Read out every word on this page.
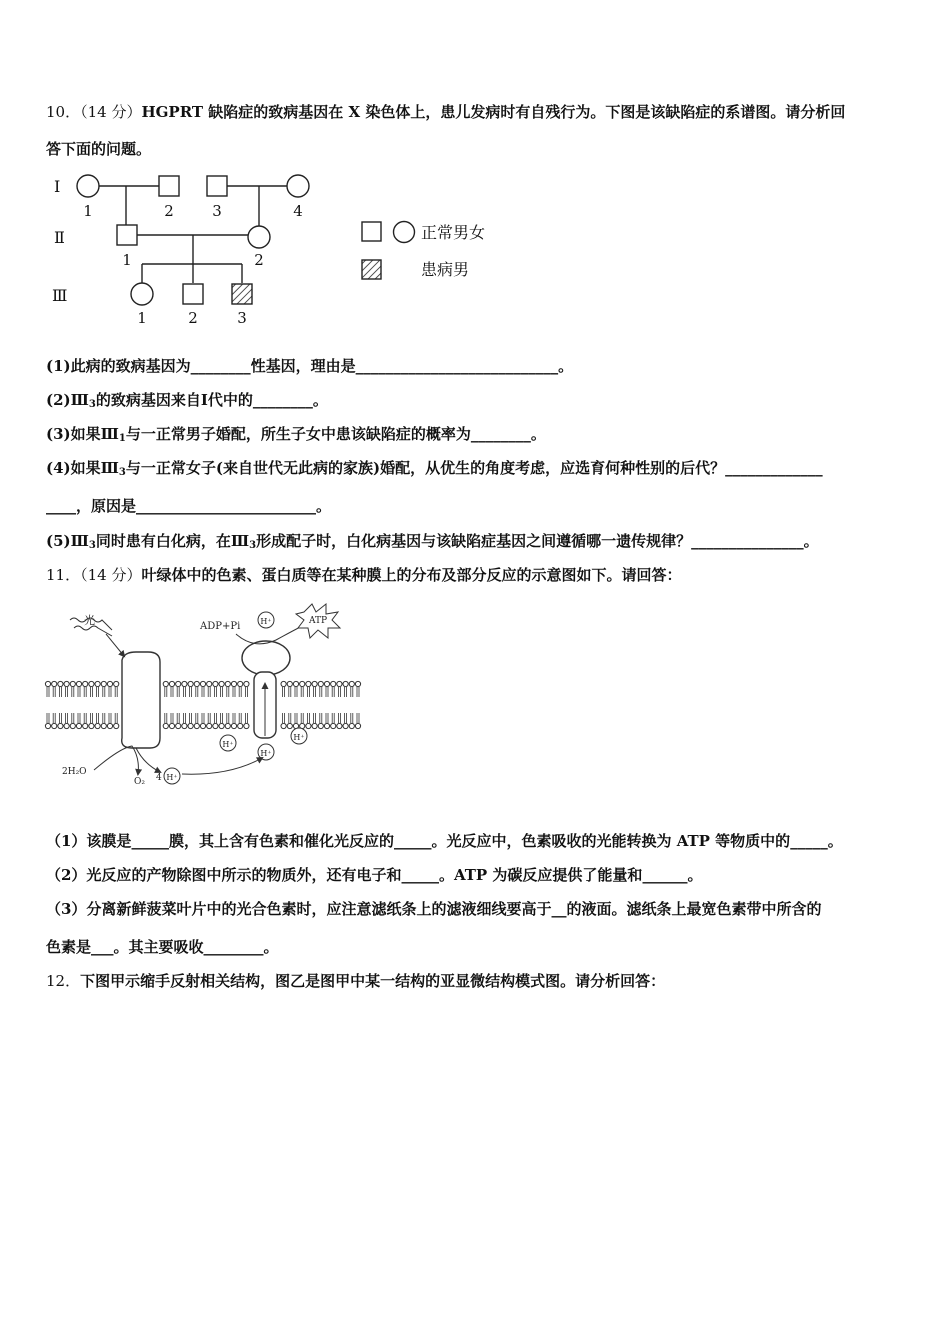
10．（14 分）HGPRT 缺陷症的致病基因在 X 染色体上，患儿发病时有自残行为。下图是该缺陷症的系谱图。请分析回
答下面的问题。
Ⅰ
Ⅱ
Ⅲ
1	2	3	4
1	2
1	2	3
正常男女
患病男
(1)此病的致病基因为________性基因，理由是___________________________。
$(2)Ⅲ_3$的致病基因来自Ⅰ代中的________。
(3)如果$Ⅲ_1$与一正常男子婚配，所生子女中患该缺陷症的概率为________。
(4)如果$Ⅲ_3$与一正常女子(来自世代无此病的家族)婚配，从优生的角度考虑，应选育何种性别的后代？_____________
____，原因是________________________。
$(5)Ⅲ_3$同时患有白化病，在$Ⅲ_3$形成配子时，白化病基因与该缺陷症基因之间遵循哪一遗传规律？_______________。
11．（14 分）叶绿体中的色素、蛋白质等在某种膜上的分布及部分反应的示意图如下。请回答：
光	ADP+Pi	H⁺	ATP
H⁺
H⁺
H⁺
H⁺
4
2H₂O
O₂
（1）该膜是_____膜，其上含有色素和催化光反应的_____。光反应中，色素吸收的光能转换为 ATP 等物质中的_____。
（2）光反应的产物除图中所示的物质外，还有电子和_____。ATP 为碳反应提供了能量和______。
（3）分离新鲜菠菜叶片中的光合色素时，应注意滤纸条上的滤液细线要高于__的液面。滤纸条上最宽色素带中所含的
色素是___。其主要吸收________。
12．下图甲示缩手反射相关结构，图乙是图甲中某一结构的亚显微结构模式图。请分析回答：
